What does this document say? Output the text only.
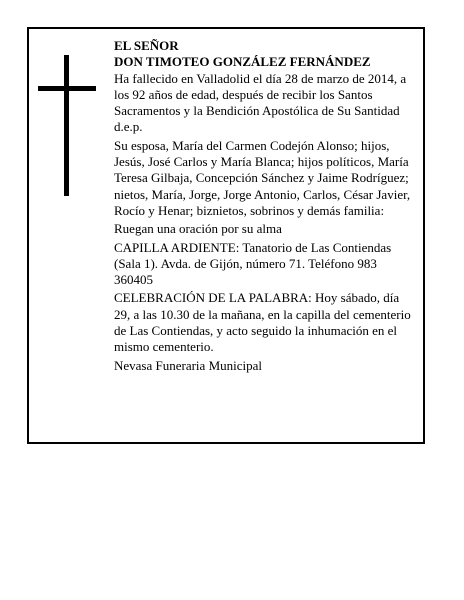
EL SEÑOR
DON TIMOTEO GONZÁLEZ FERNÁNDEZ

Ha fallecido en Valladolid el día 28 de marzo de 2014, a los 92 años de edad, después de recibir los Santos Sacramentos y la Bendición Apostólica de Su Santidad d.e.p.

Su esposa, María del Carmen Codejón Alonso; hijos, Jesús, José Carlos y María Blanca; hijos políticos, María Teresa Gilbaja, Concepción Sánchez y Jaime Rodríguez; nietos, María, Jorge, Jorge Antonio, Carlos, César Javier, Rocío y Henar; biznietos, sobrinos y demás familia:

Ruegan una oración por su alma

CAPILLA ARDIENTE: Tanatorio de Las Contiendas (Sala 1). Avda. de Gijón, número 71. Teléfono 983 360405

CELEBRACIÓN DE LA PALABRA: Hoy sábado, día 29, a las 10.30 de la mañana, en la capilla del cementerio de Las Contiendas, y acto seguido la inhumación en el mismo cementerio.

Nevasa Funeraria Municipal
